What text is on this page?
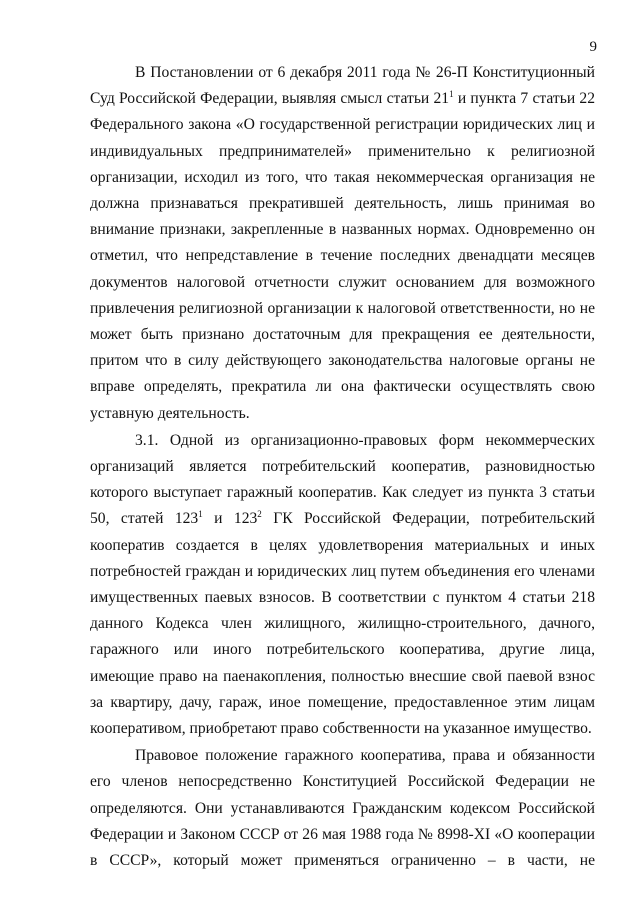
9

В Постановлении от 6 декабря 2011 года № 26-П Конституционный
Суд Российской Федерации, выявляя смысл статьи $21^1$ и пункта 7 статьи 22
Федерального закона «О государственной регистрации юридических лиц и
индивидуальных предпринимателей» применительно к религиозной
организации, исходил из того, что такая некоммерческая организация не
должна признаваться прекратившей деятельность, лишь принимая во
внимание признаки, закрепленные в названных нормах. Одновременно он
отметил, что непредставление в течение последних двенадцати месяцев
документов налоговой отчетности служит основанием для возможного
привлечения религиозной организации к налоговой ответственности, но не
может быть признано достаточным для прекращения ее деятельности,
притом что в силу действующего законодательства налоговые органы не
вправе определять, прекратила ли она фактически осуществлять свою
уставную деятельность.

3.1. Одной из организационно-правовых форм некоммерческих
организаций является потребительский кооператив, разновидностью
которого выступает гаражный кооператив. Как следует из пункта 3 статьи
50, статей $123^1$ и $123^2$ ГК Российской Федерации, потребительский
кооператив создается в целях удовлетворения материальных и иных
потребностей граждан и юридических лиц путем объединения его членами
имущественных паевых взносов. В соответствии с пунктом 4 статьи 218
данного Кодекса член жилищного, жилищно-строительного, дачного,
гаражного или иного потребительского кооператива, другие лица,
имеющие право на паенакопления, полностью внесшие свой паевой взнос
за квартиру, дачу, гараж, иное помещение, предоставленное этим лицам
кооперативом, приобретают право собственности на указанное имущество.

Правовое положение гаражного кооператива, права и обязанности
его членов непосредственно Конституцией Российской Федерации не
определяются. Они устанавливаются Гражданским кодексом Российской
Федерации и Законом СССР от 26 мая 1988 года № 8998-XI «О кооперации
в СССР», который может применяться ограниченно – в части, не
